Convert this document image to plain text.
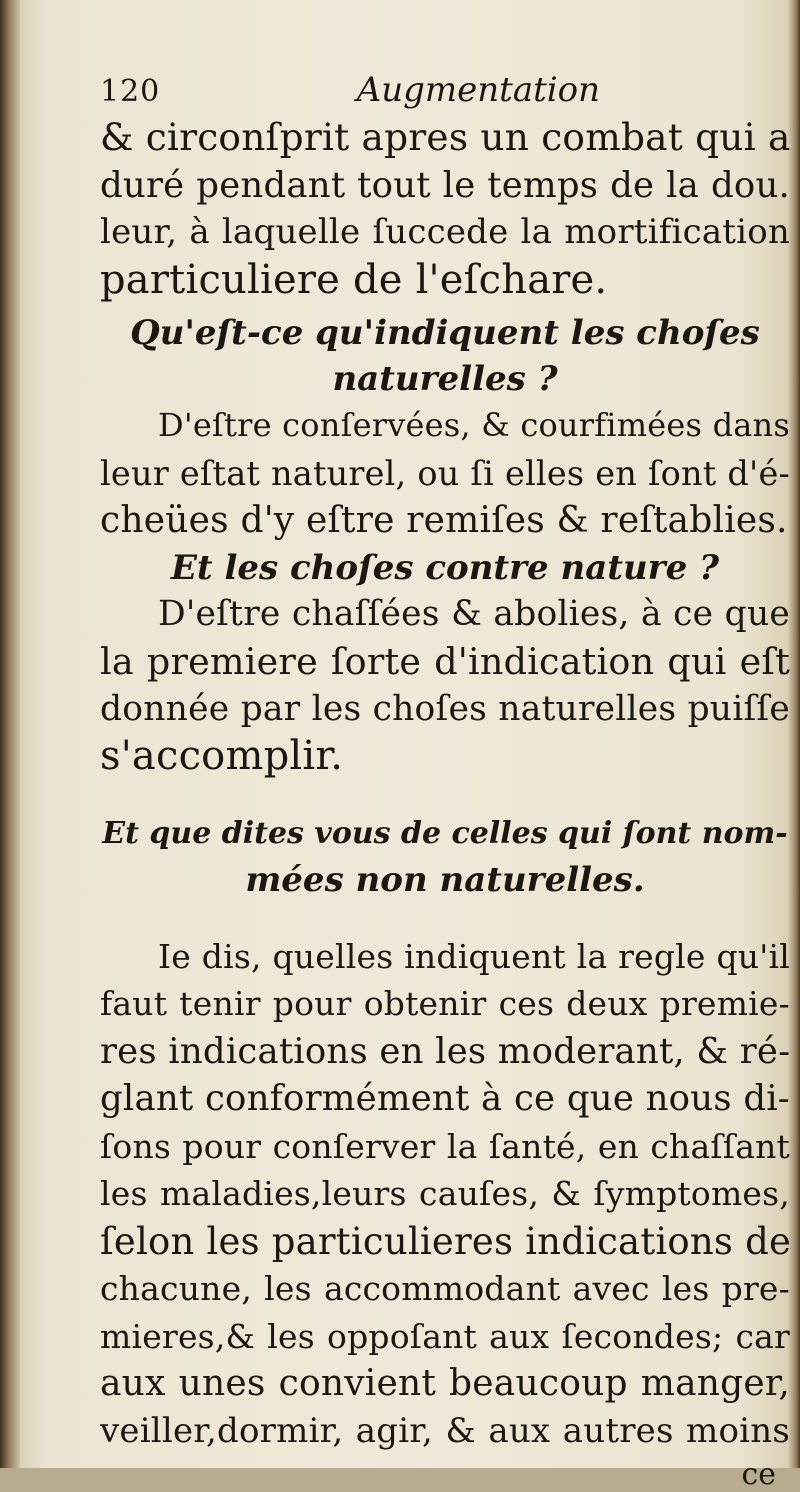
120	Augmentation
& circonſprit apres un combat qui a
duré pendant tout le temps de la dou.
leur, à laquelle ſuccede la mortification
particuliere de l'eſchare.
Qu'eſt-ce qu'indiquent les choſes
naturelles ?
D'eſtre conſervées, & courfimées dans
leur eſtat naturel, ou ſi elles en ſont d'é-
cheües d'y eſtre remiſes & reſtablies.
Et les choſes contre nature ?
D'eſtre chaſſées & abolies, à ce que
la premiere ſorte d'indication qui eſt
donnée par les choſes naturelles puiſſe
s'accomplir.
Et que dites vous de celles qui ſont nom-
mées non naturelles.
Ie dis, quelles indiquent la regle qu'il
faut tenir pour obtenir ces deux premie-
res indications en les moderant, & ré-
glant conformément à ce que nous di-
ſons pour conſerver la ſanté, en chaſſant
les maladies,leurs cauſes, & ſymptomes,
ſelon les particulieres indications de
chacune, les accommodant avec les pre-
mieres,& les oppoſant aux ſecondes; car
aux unes convient beaucoup manger,
veiller,dormir, agir, & aux autres moins
ce
